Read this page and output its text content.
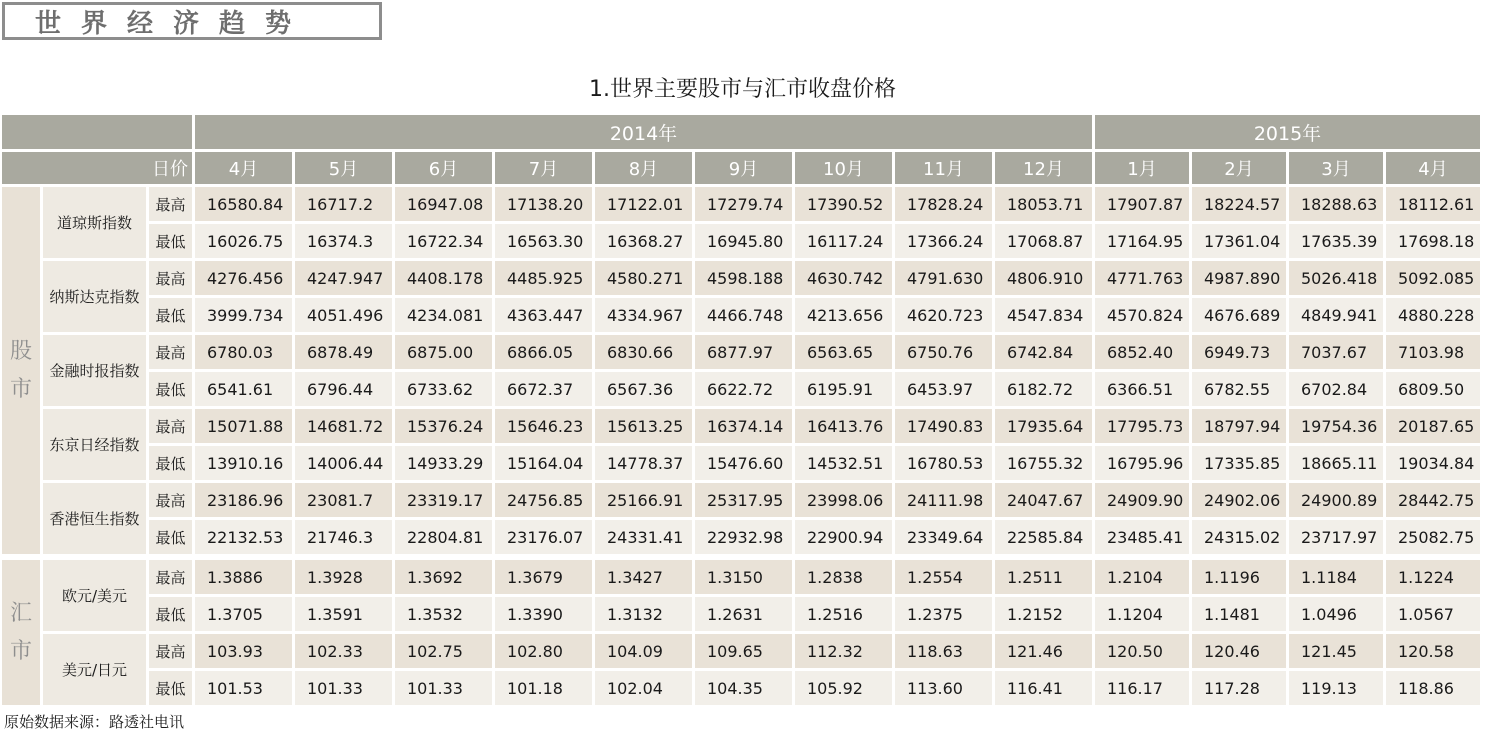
世界经济趋势
1.世界主要股市与汇市收盘价格
			2014年									2015年			
日价			4月	5月	6月	7月	8月	9月	10月	11月	12月	1月	2月	3月	4月
股市	道琼斯指数	最高	16580.84	16717.2	16947.08	17138.20	17122.01	17279.74	17390.52	17828.24	18053.71	17907.87	18224.57	18288.63	18112.61
		最低	16026.75	16374.3	16722.34	16563.30	16368.27	16945.80	16117.24	17366.24	17068.87	17164.95	17361.04	17635.39	17698.18
	纳斯达克指数	最高	4276.456	4247.947	4408.178	4485.925	4580.271	4598.188	4630.742	4791.630	4806.910	4771.763	4987.890	5026.418	5092.085
		最低	3999.734	4051.496	4234.081	4363.447	4334.967	4466.748	4213.656	4620.723	4547.834	4570.824	4676.689	4849.941	4880.228
	金融时报指数	最高	6780.03	6878.49	6875.00	6866.05	6830.66	6877.97	6563.65	6750.76	6742.84	6852.40	6949.73	7037.67	7103.98
		最低	6541.61	6796.44	6733.62	6672.37	6567.36	6622.72	6195.91	6453.97	6182.72	6366.51	6782.55	6702.84	6809.50
	东京日经指数	最高	15071.88	14681.72	15376.24	15646.23	15613.25	16374.14	16413.76	17490.83	17935.64	17795.73	18797.94	19754.36	20187.65
		最低	13910.16	14006.44	14933.29	15164.04	14778.37	15476.60	14532.51	16780.53	16755.32	16795.96	17335.85	18665.11	19034.84
	香港恒生指数	最高	23186.96	23081.7	23319.17	24756.85	25166.91	25317.95	23998.06	24111.98	24047.67	24909.90	24902.06	24900.89	28442.75
		最低	22132.53	21746.3	22804.81	23176.07	24331.41	22932.98	22900.94	23349.64	22585.84	23485.41	24315.02	23717.97	25082.75

汇市	欧元/美元	最高	1.3886	1.3928	1.3692	1.3679	1.3427	1.3150	1.2838	1.2554	1.2511	1.2104	1.1196	1.1184	1.1224
		最低	1.3705	1.3591	1.3532	1.3390	1.3132	1.2631	1.2516	1.2375	1.2152	1.1204	1.1481	1.0496	1.0567
	美元/日元	最高	103.93	102.33	102.75	102.80	104.09	109.65	112.32	118.63	121.46	120.50	120.46	121.45	120.58
		最低	101.53	101.33	101.33	101.18	102.04	104.35	105.92	113.60	116.41	116.17	117.28	119.13	118.86
原始数据来源：路透社电讯
